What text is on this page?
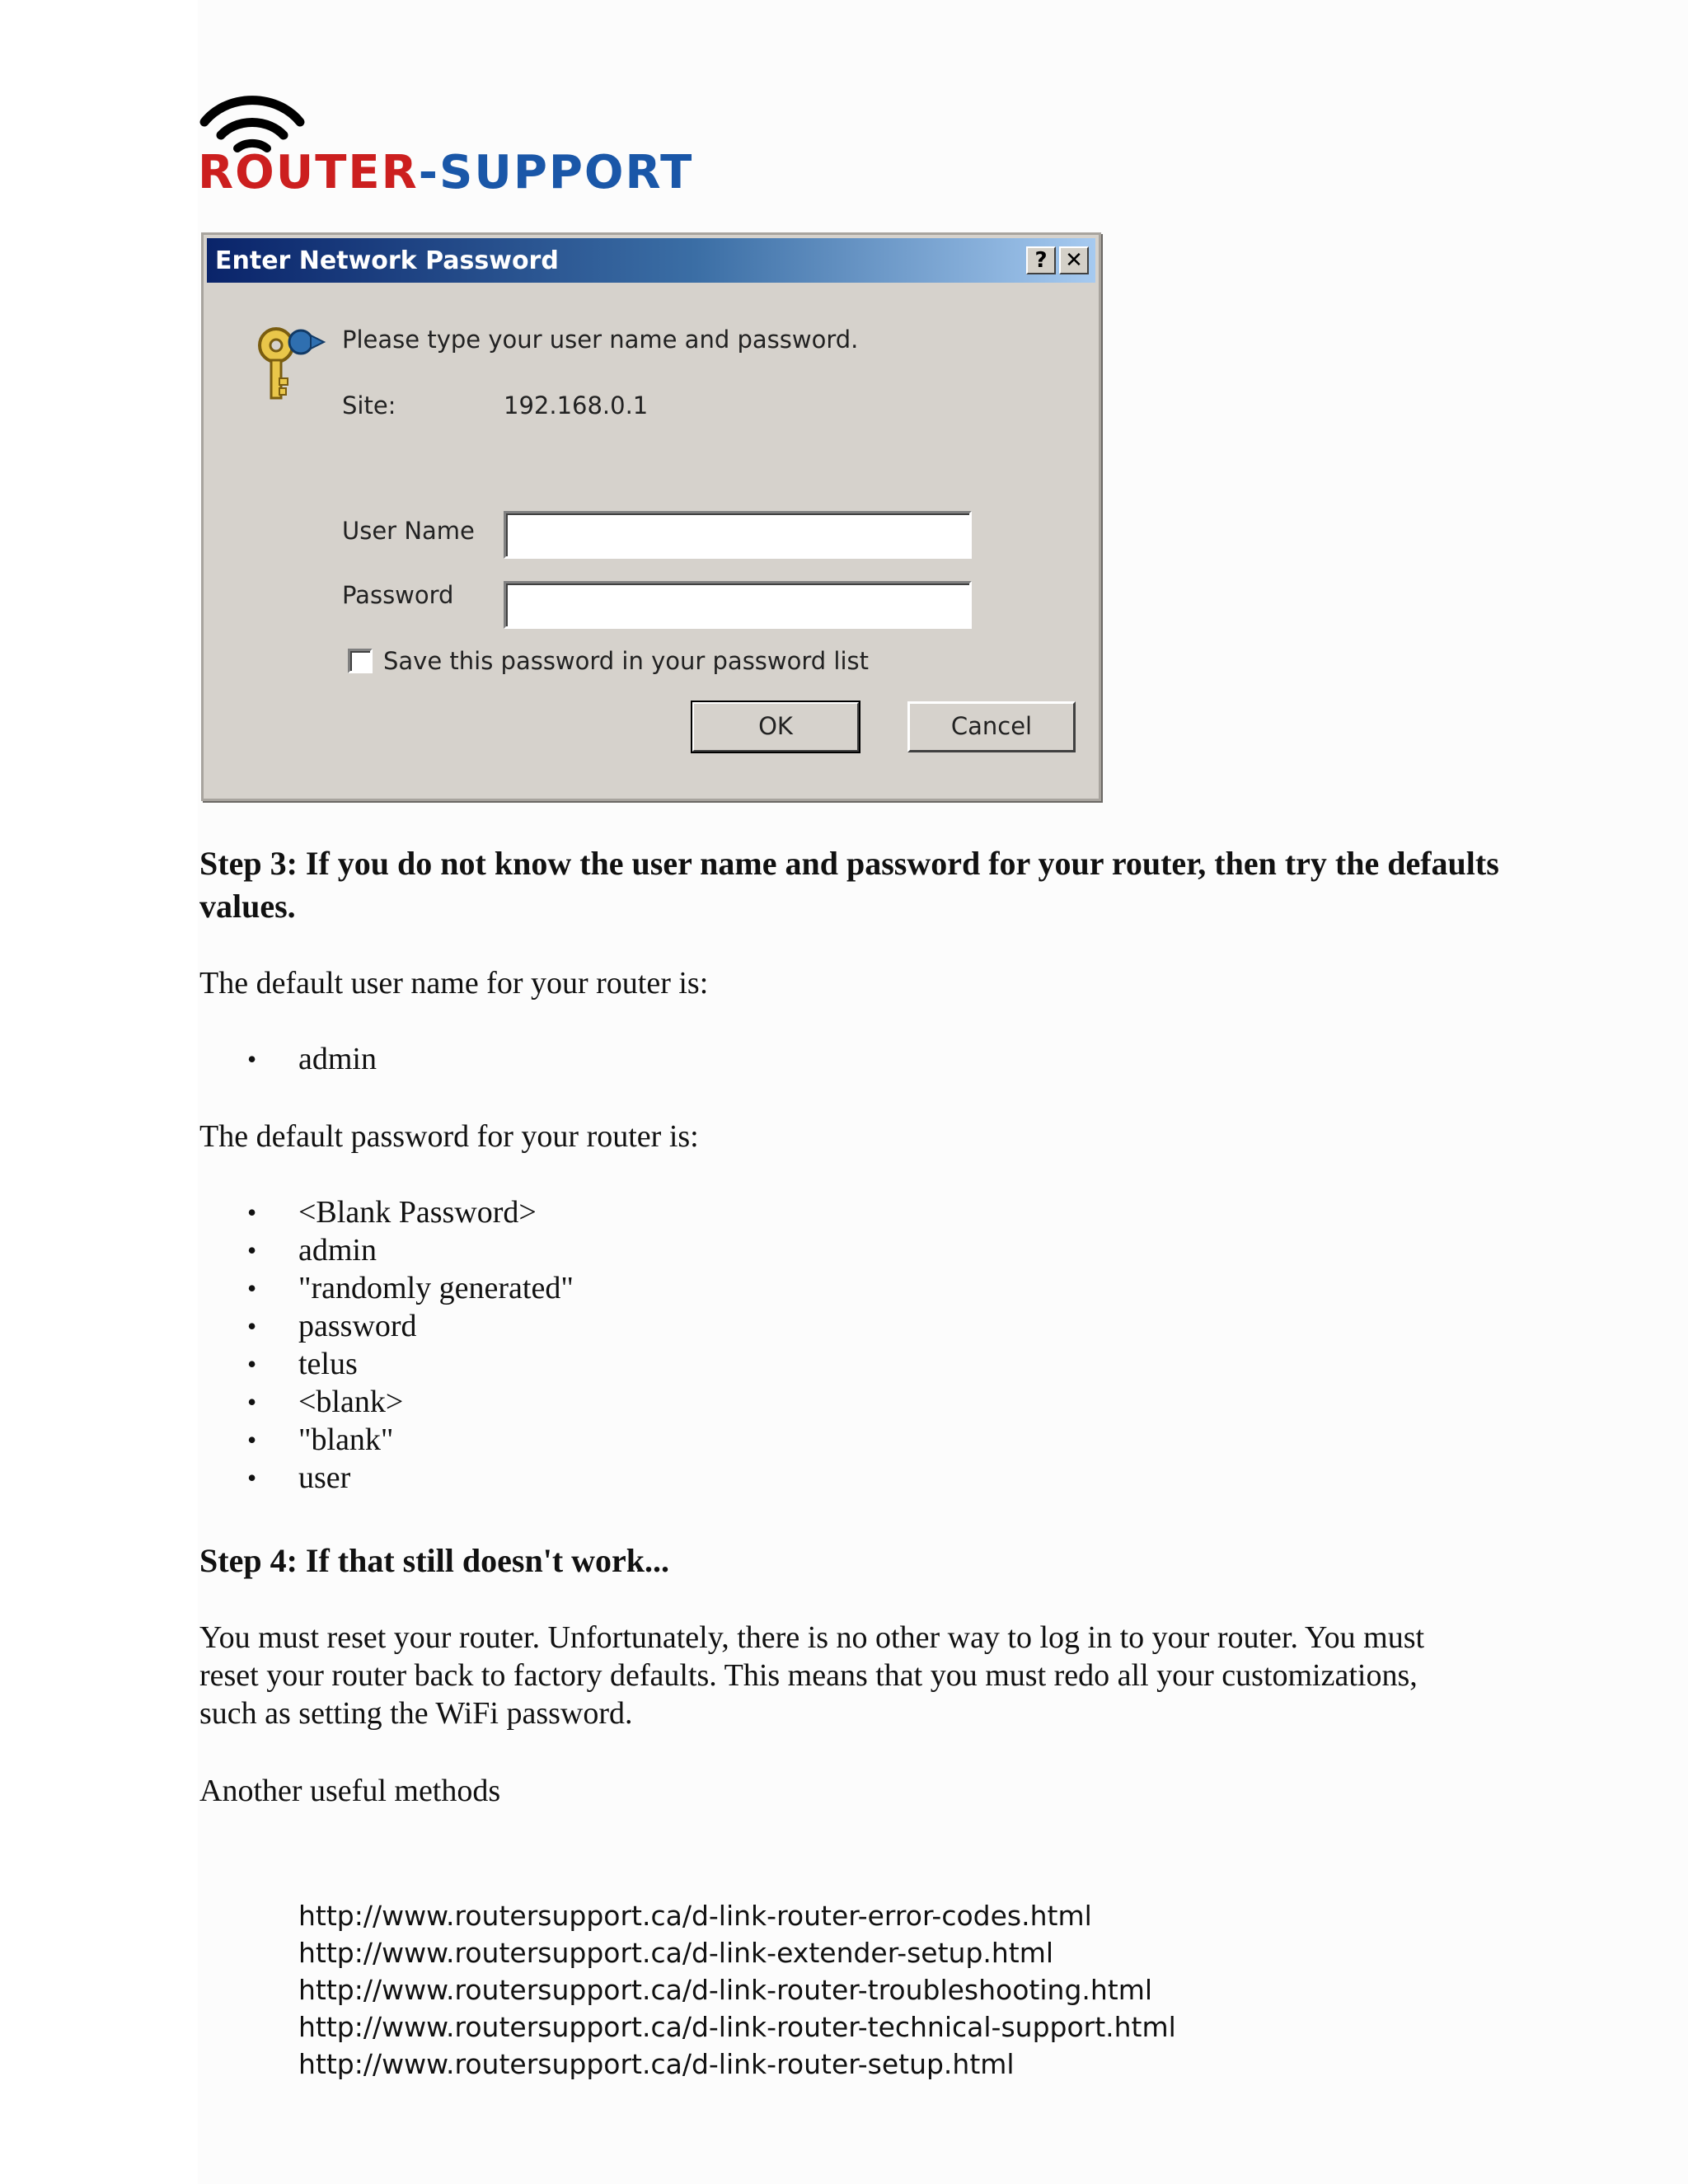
ROUTER-SUPPORT
Enter Network Password	? ✕
Please type your user name and password.
Site:	192.168.0.1
User Name
Password
Save this password in your password list
OK	Cancel
Step 3: If you do not know the user name and password for your router, then try the defaults values.

The default user name for your router is:

• admin

The default password for your router is:

• <Blank Password>
• admin
• "randomly generated"
• password
• telus
• <blank>
• "blank"
• user
Step 4: If that still doesn't work...

You must reset your router. Unfortunately, there is no other way to log in to your router. You must reset your router back to factory defaults. This means that you must redo all your customizations, such as setting the WiFi password.

Another useful methods

http://www.routersupport.ca/d-link-router-error-codes.html
http://www.routersupport.ca/d-link-extender-setup.html
http://www.routersupport.ca/d-link-router-troubleshooting.html
http://www.routersupport.ca/d-link-router-technical-support.html
http://www.routersupport.ca/d-link-router-setup.html
